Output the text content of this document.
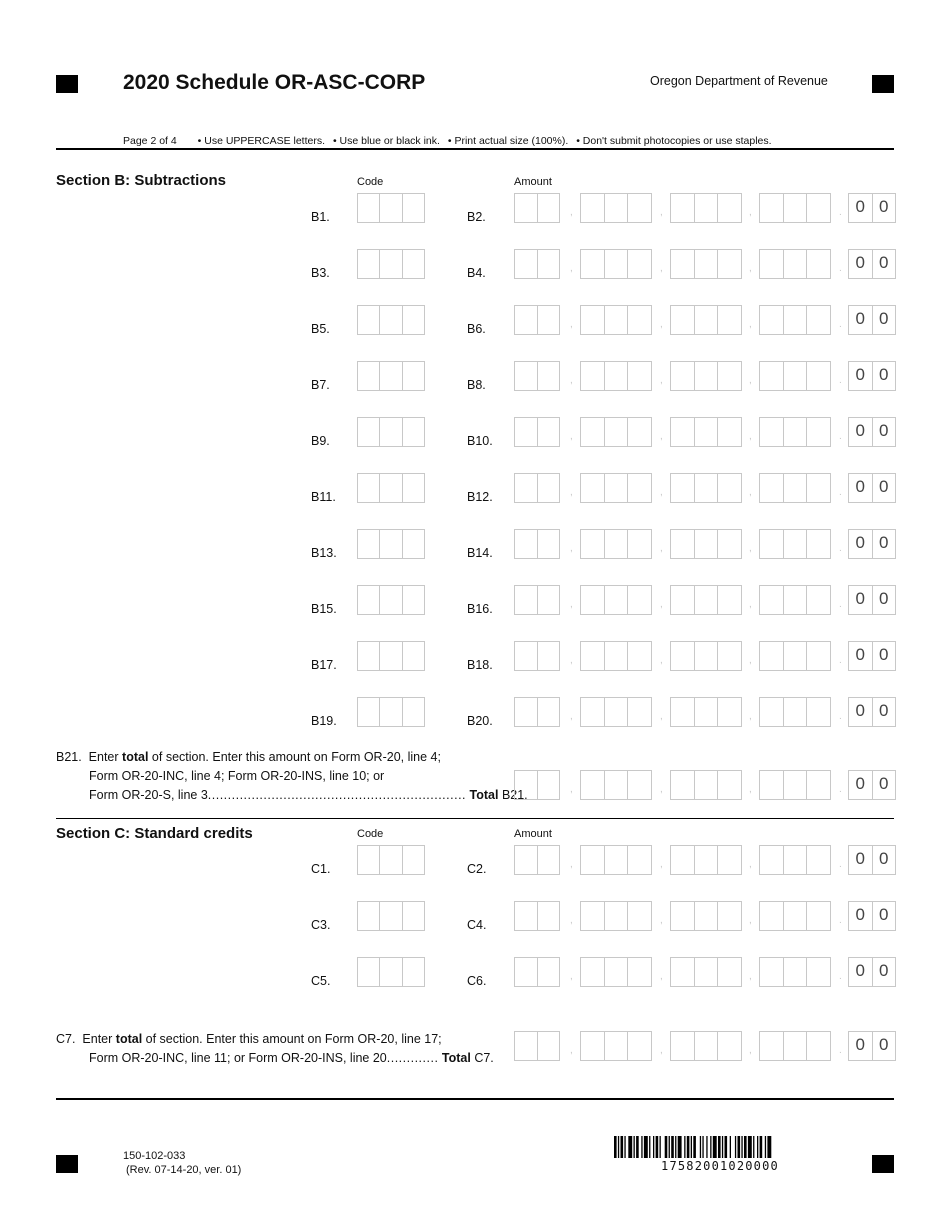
2020 Schedule OR-ASC-CORP	Oregon Department of Revenue
Page 2 of 4 • Use UPPERCASE letters. • Use blue or black ink. • Print actual size (100%). • Don't submit photocopies or use staples.
Section B: Subtractions	Code	Amount
B1.	B2.	,	,	,	. 0 0
B3.	B4.	,	,	,	. 0 0
B5.	B6.	,	,	,	. 0 0
B7.	B8.	,	,	,	. 0 0
B9.	B10.	,	,	,	. 0 0
B11.	B12.	,	,	,	. 0 0
B13.	B14.	,	,	,	. 0 0
B15.	B16.	,	,	,	. 0 0
B17.	B18.	,	,	,	. 0 0
B19.	B20.	,	,	,	. 0 0
B21. Enter total of section. Enter this amount on Form OR-20, line 4;
Form OR-20-INC, line 4; Form OR-20-INS, line 10; or
Form OR-20-S, line 3................................................................. Total B21.	,	,	,	. 0 0
Section C: Standard credits	Code	Amount
C1.	C2.	,	,	,	. 0 0
C3.	C4.	,	,	,	. 0 0
C5.	C6.	,	,	,	. 0 0
C7. Enter total of section. Enter this amount on Form OR-20, line 17;
Form OR-20-INC, line 11; or Form OR-20-INS, line 20............. Total C7.
,	,	,	. 0 0
150-102-033
(Rev. 07-14-20, ver. 01)	17582001020000
